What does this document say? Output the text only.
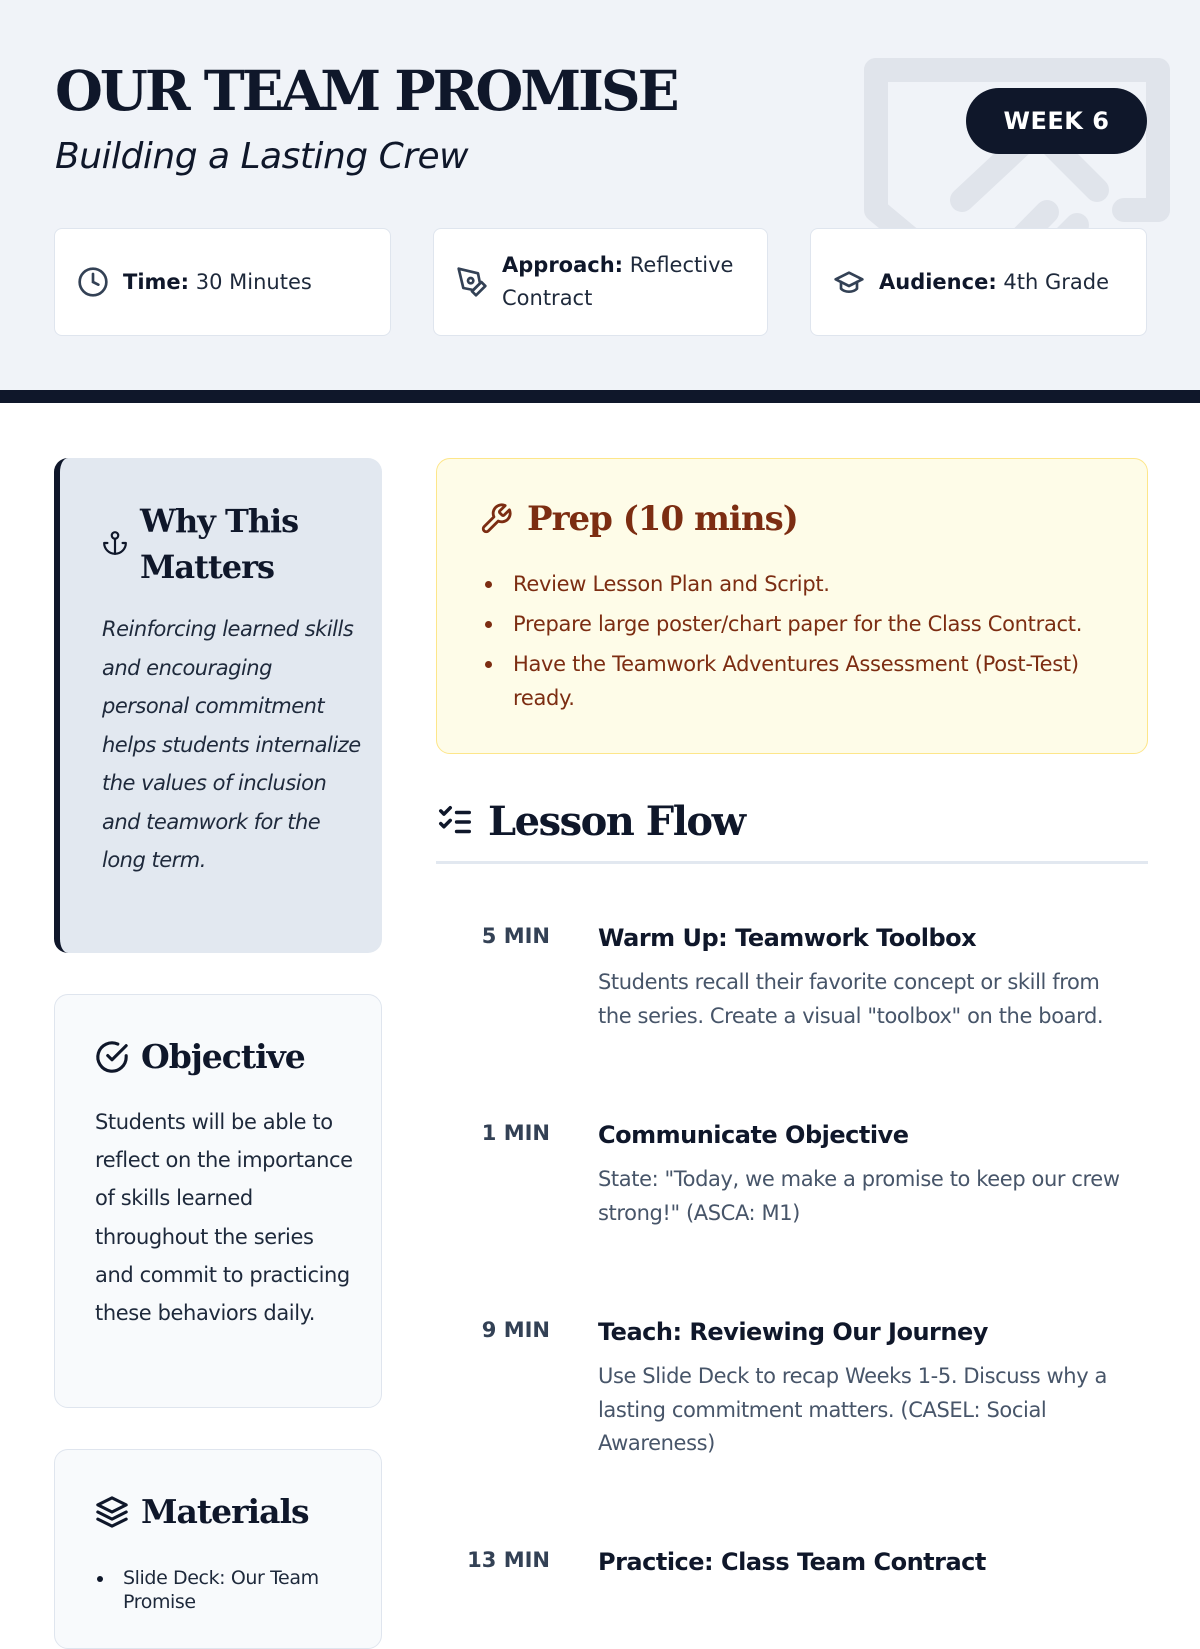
OUR TEAM PROMISE
Building a Lasting Crew
WEEK 6
Time: 30 Minutes
Approach: Reflective Contract
Audience: 4th Grade
Why This Matters
Reinforcing learned skills and encouraging personal commitment helps students internalize the values of inclusion and teamwork for the long term.
Objective
Students will be able to reflect on the importance of skills learned throughout the series and commit to practicing these behaviors daily.
Materials
Slide Deck: Our Team Promise
Prep (10 mins)
Review Lesson Plan and Script.
Prepare large poster/chart paper for the Class Contract.
Have the Teamwork Adventures Assessment (Post-Test) ready.
Lesson Flow
5 MIN Warm Up: Teamwork Toolbox
Students recall their favorite concept or skill from the series. Create a visual "toolbox" on the board.
1 MIN Communicate Objective
State: "Today, we make a promise to keep our crew strong!" (ASCA: M1)
9 MIN Teach: Reviewing Our Journey
Use Slide Deck to recap Weeks 1-5. Discuss why a lasting commitment matters. (CASEL: Social Awareness)
13 MIN Practice: Class Team Contract
